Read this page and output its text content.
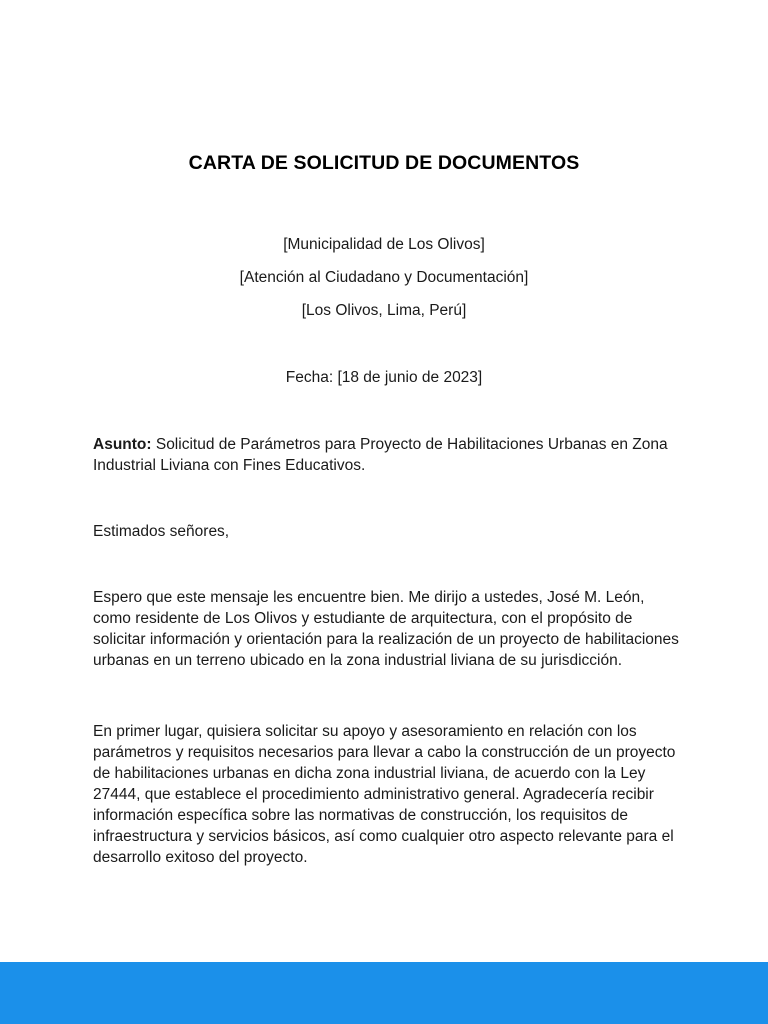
CARTA DE SOLICITUD DE DOCUMENTOS
[Municipalidad de Los Olivos]
[Atención al Ciudadano y Documentación]
[Los Olivos, Lima, Perú]
Fecha: [18 de junio de 2023]

Asunto: Solicitud de Parámetros para Proyecto de Habilitaciones Urbanas en Zona Industrial Liviana con Fines Educativos.

Estimados señores,

Espero que este mensaje les encuentre bien. Me dirijo a ustedes, José M. León, como residente de Los Olivos y estudiante de arquitectura, con el propósito de solicitar información y orientación para la realización de un proyecto de habilitaciones urbanas en un terreno ubicado en la zona industrial liviana de su jurisdicción.

En primer lugar, quisiera solicitar su apoyo y asesoramiento en relación con los parámetros y requisitos necesarios para llevar a cabo la construcción de un proyecto de habilitaciones urbanas en dicha zona industrial liviana, de acuerdo con la Ley 27444, que establece el procedimiento administrativo general. Agradecería recibir información específica sobre las normativas de construcción, los requisitos de infraestructura y servicios básicos, así como cualquier otro aspecto relevante para el desarrollo exitoso del proyecto.
